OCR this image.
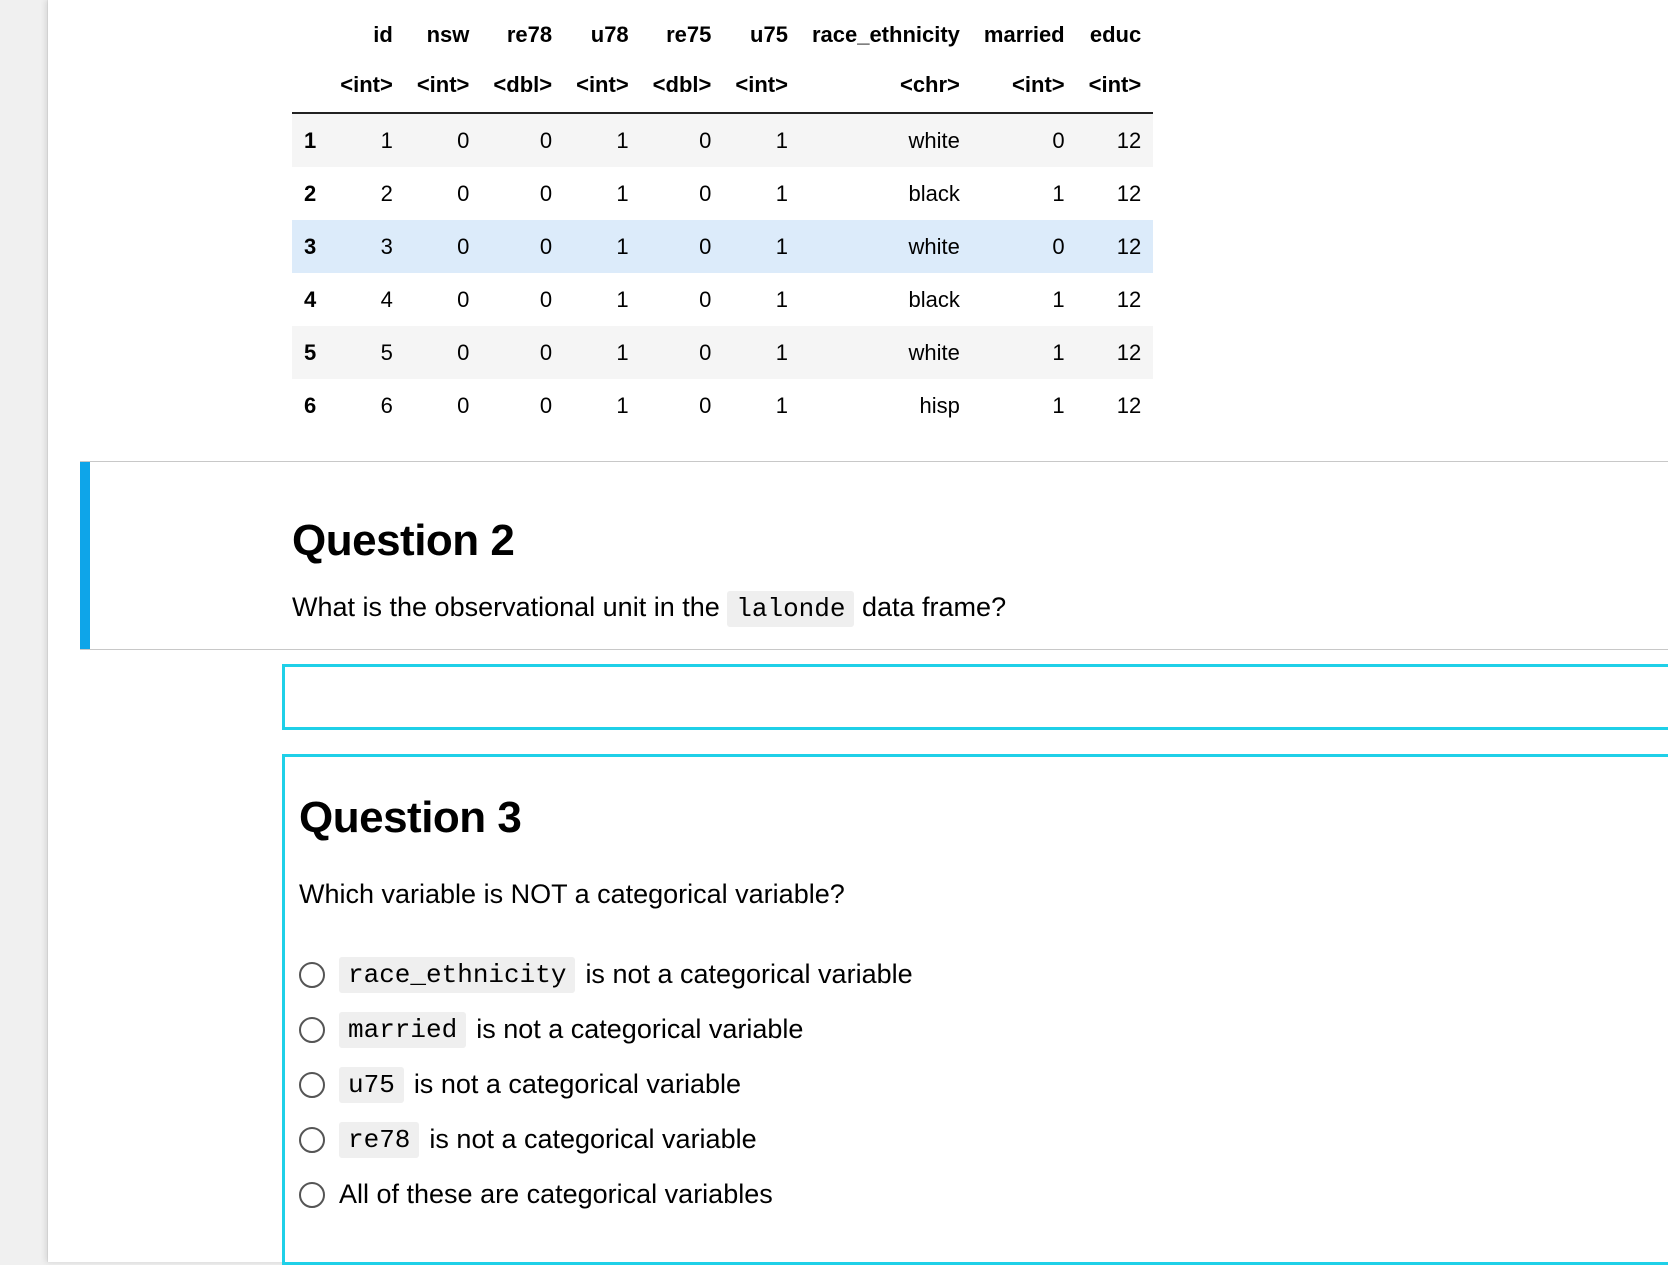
	id	nsw	re78	u78	re75	u75	race_ethnicity	married	educ
	<int>	<int>	<dbl>	<int>	<dbl>	<int>	<chr>	<int>	<int>
1	1	0	0	1	0	1	white	0	12
2	2	0	0	1	0	1	black	1	12
3	3	0	0	1	0	1	white	0	12
4	4	0	0	1	0	1	black	1	12
5	5	0	0	1	0	1	white	1	12
6	6	0	0	1	0	1	hisp	1	12
Question 2

What is the observational unit in the lalonde data frame?

Question 3

Which variable is NOT a categorical variable?

race_ethnicity is not a categorical variable
married is not a categorical variable
u75 is not a categorical variable
re78 is not a categorical variable
All of these are categorical variables
